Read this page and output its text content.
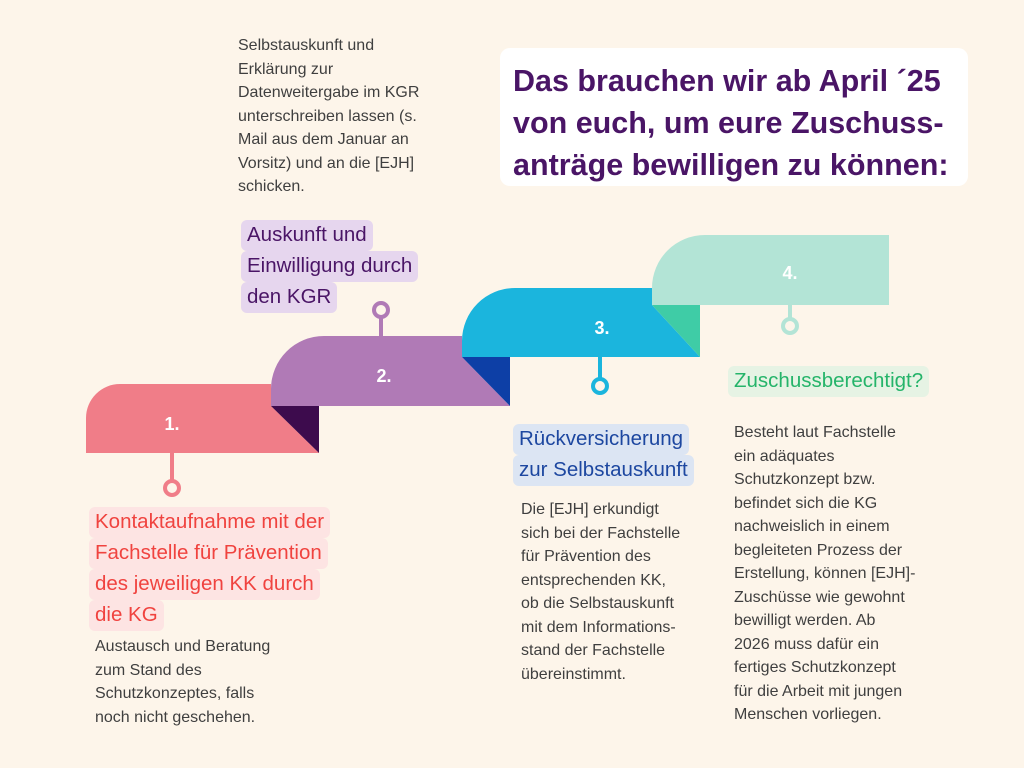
1.
2.
3.
4.
Das brauchen wir ab April ´25
von euch, um eure Zuschuss-
anträge bewilligen zu können:
Selbstauskunft und
Erklärung zur
Datenweitergabe im KGR
unterschreiben lassen (s.
Mail aus dem Januar an
Vorsitz) und an die [EJH]
schicken.
Auskunft und
Einwilligung durch
den KGR
Kontaktaufnahme mit der
Fachstelle für Prävention
des jeweiligen KK durch
die KG
Austausch und Beratung
zum Stand des
Schutzkonzeptes, falls
noch nicht geschehen.
Rückversicherung
zur Selbstauskunft
Die [EJH] erkundigt
sich bei der Fachstelle
für Prävention des
entsprechenden KK,
ob die Selbstauskunft
mit dem Informations-
stand der Fachstelle
übereinstimmt.
Zuschussberechtigt?
Besteht laut Fachstelle
ein adäquates
Schutzkonzept bzw.
befindet sich die KG
nachweislich in einem
begleiteten Prozess der
Erstellung, können [EJH]-
Zuschüsse wie gewohnt
bewilligt werden. Ab
2026 muss dafür ein
fertiges Schutzkonzept
für die Arbeit mit jungen
Menschen vorliegen.
